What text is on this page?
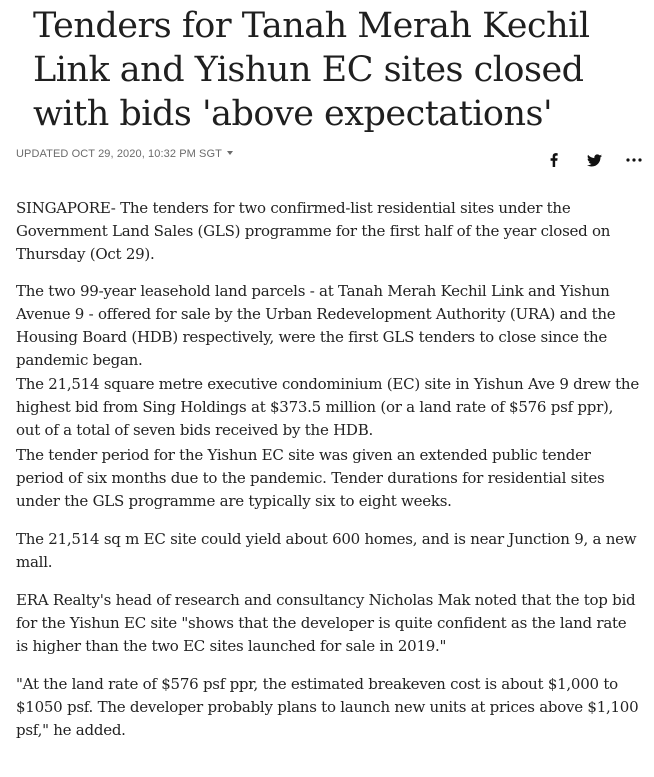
Tenders for Tanah Merah Kechil Link and Yishun EC sites closed with bids 'above expectations'
UPDATED OCT 29, 2020, 10:32 PM SGT

SINGAPORE- The tenders for two confirmed-list residential sites under the Government Land Sales (GLS) programme for the first half of the year closed on Thursday (Oct 29).

The two 99-year leasehold land parcels - at Tanah Merah Kechil Link and Yishun Avenue 9 - offered for sale by the Urban Redevelopment Authority (URA) and the Housing Board (HDB) respectively, were the first GLS tenders to close since the pandemic began.

The 21,514 square metre executive condominium (EC) site in Yishun Ave 9 drew the highest bid from Sing Holdings at $373.5 million (or a land rate of $576 psf ppr), out of a total of seven bids received by the HDB.

The tender period for the Yishun EC site was given an extended public tender period of six months due to the pandemic. Tender durations for residential sites under the GLS programme are typically six to eight weeks.

The 21,514 sq m EC site could yield about 600 homes, and is near Junction 9, a new mall.

ERA Realty's head of research and consultancy Nicholas Mak noted that the top bid for the Yishun EC site "shows that the developer is quite confident as the land rate is higher than the two EC sites launched for sale in 2019."

"At the land rate of $576 psf ppr, the estimated breakeven cost is about $1,000 to $1050 psf. The developer probably plans to launch new units at prices above $1,100 psf," he added.
